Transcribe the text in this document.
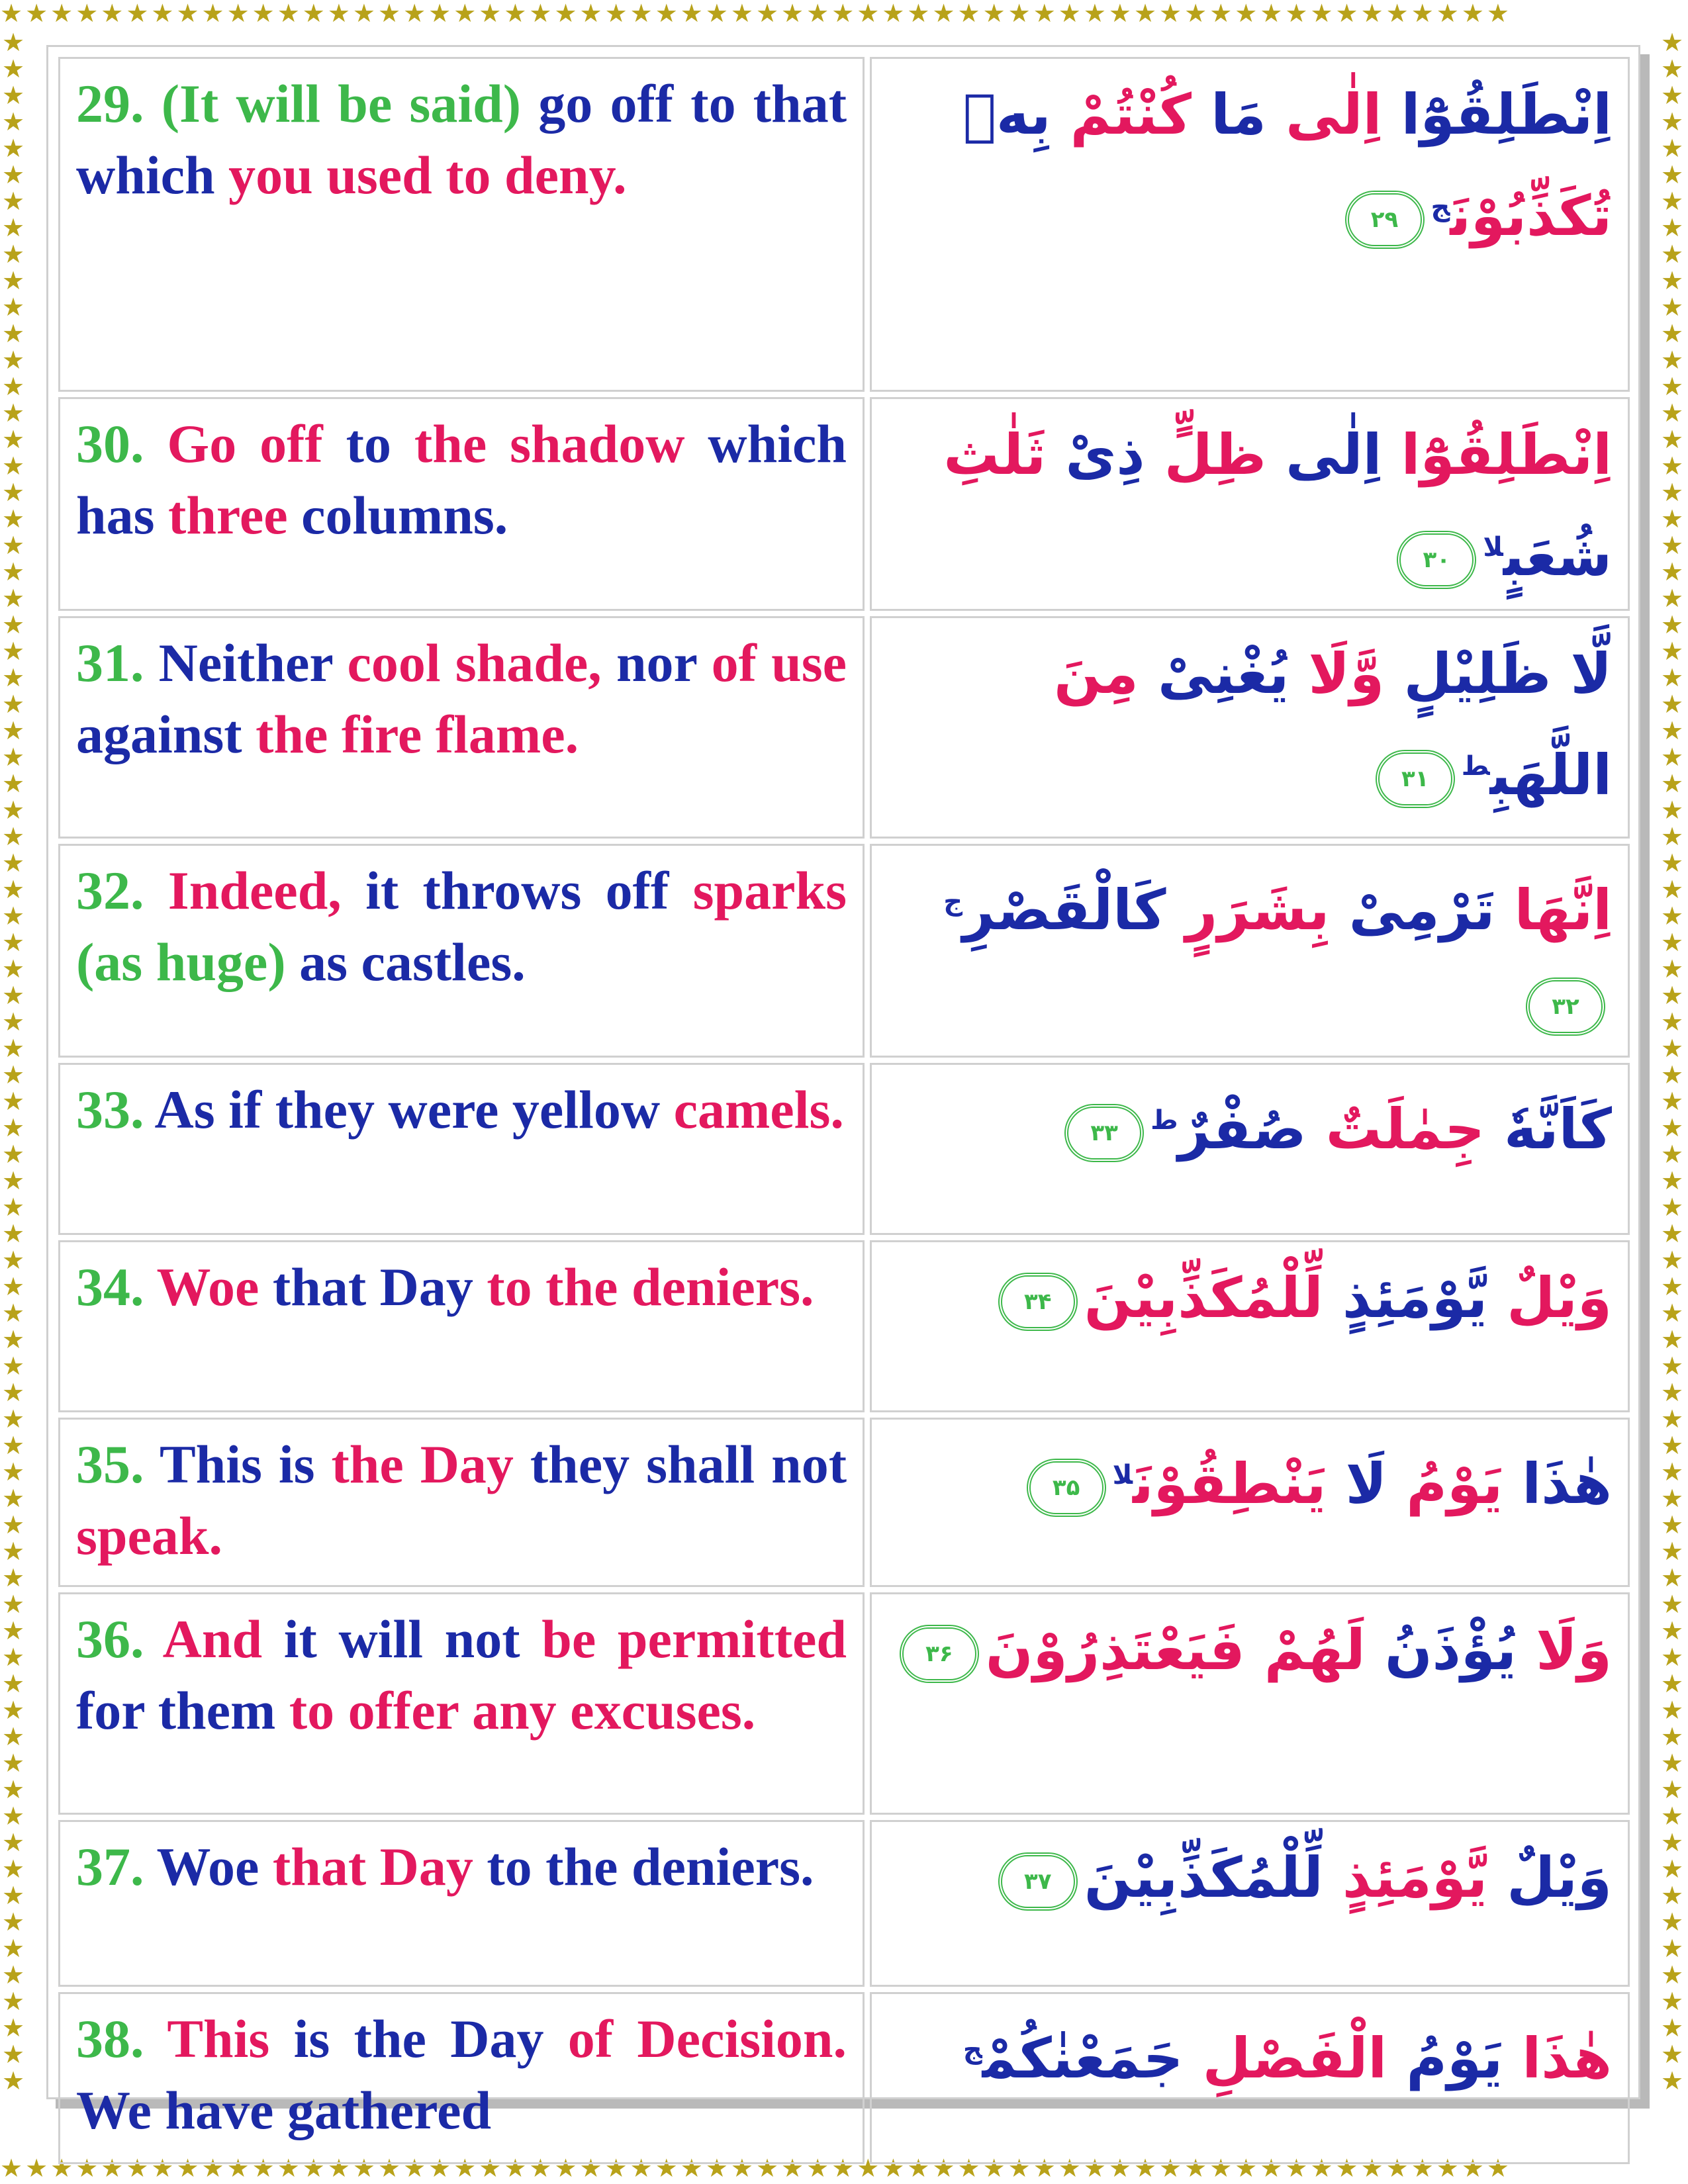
★★★★★★★★★★★★★★★★★★★★★★★★★★★★★★★★★★★★★★★★★★★★★★★★★★★★★★★★★★★★
★★★★★★★★★★★★★★★★★★★★★★★★★★★★★★★★★★★★★★★★★★★★★★★★★★★★★★★★★★★★
★★★★★★★★★★★★★★★★★★★★★★★★★★★★★★★★★★★★★★★★★★★★★★★★★★★★★★★★★★★★★★★★★★★★★★★★★★★★★★
★★★★★★★★★★★★★★★★★★★★★★★★★★★★★★★★★★★★★★★★★★★★★★★★★★★★★★★★★★★★★★★★★★★★★★★★★★★★★★
29. (It will be said) go off to that which you used to deny.	اِنْطَلِقُوْٓا اِلٰى مَا كُنْتُمْ بِهٖ تُكَذِّبُوْنَ$^ج$۲۹

30. Go off to the shadow which has three columns.	اِنْطَلِقُوْٓا اِلٰى ظِلٍّ ذِىْ ثَلٰثِ شُعَبٍ$^{لا}$۳۰

31. Neither cool shade, nor of use against the fire flame.	لَّا ظَلِيْلٍ وَّلَا يُغْنِىْ مِنَ اللَّهَبِ$^ط$۳۱

32. Indeed, it throws off sparks (as huge) as castles.	اِنَّهَا تَرْمِىْ بِشَرَرٍ كَالْقَصْرِ$^ج$۳۲

33. As if they were yellow camels.	كَاَنَّهٗ جِمٰلَتٌ صُفْرٌ$^ط$۳۳

34. Woe that Day to the deniers.	وَيْلٌ يَّوْمَئِذٍ لِّلْمُكَذِّبِيْنَ۳۴

35. This is the Day they shall not speak.	هٰذَا يَوْمُ لَا يَنْطِقُوْنَ$^{لا}$۳۵

36. And it will not be permitted for them to offer any excuses.	وَلَا يُؤْذَنُ لَهُمْ فَيَعْتَذِرُوْنَ۳۶

37. Woe that Day to the deniers.	وَيْلٌ يَّوْمَئِذٍ لِّلْمُكَذِّبِيْنَ۳۷

38. This is the Day of Decision. We have gathered	هٰذَا يَوْمُ الْفَصْلِ جَمَعْنٰكُمْ$^ج$
